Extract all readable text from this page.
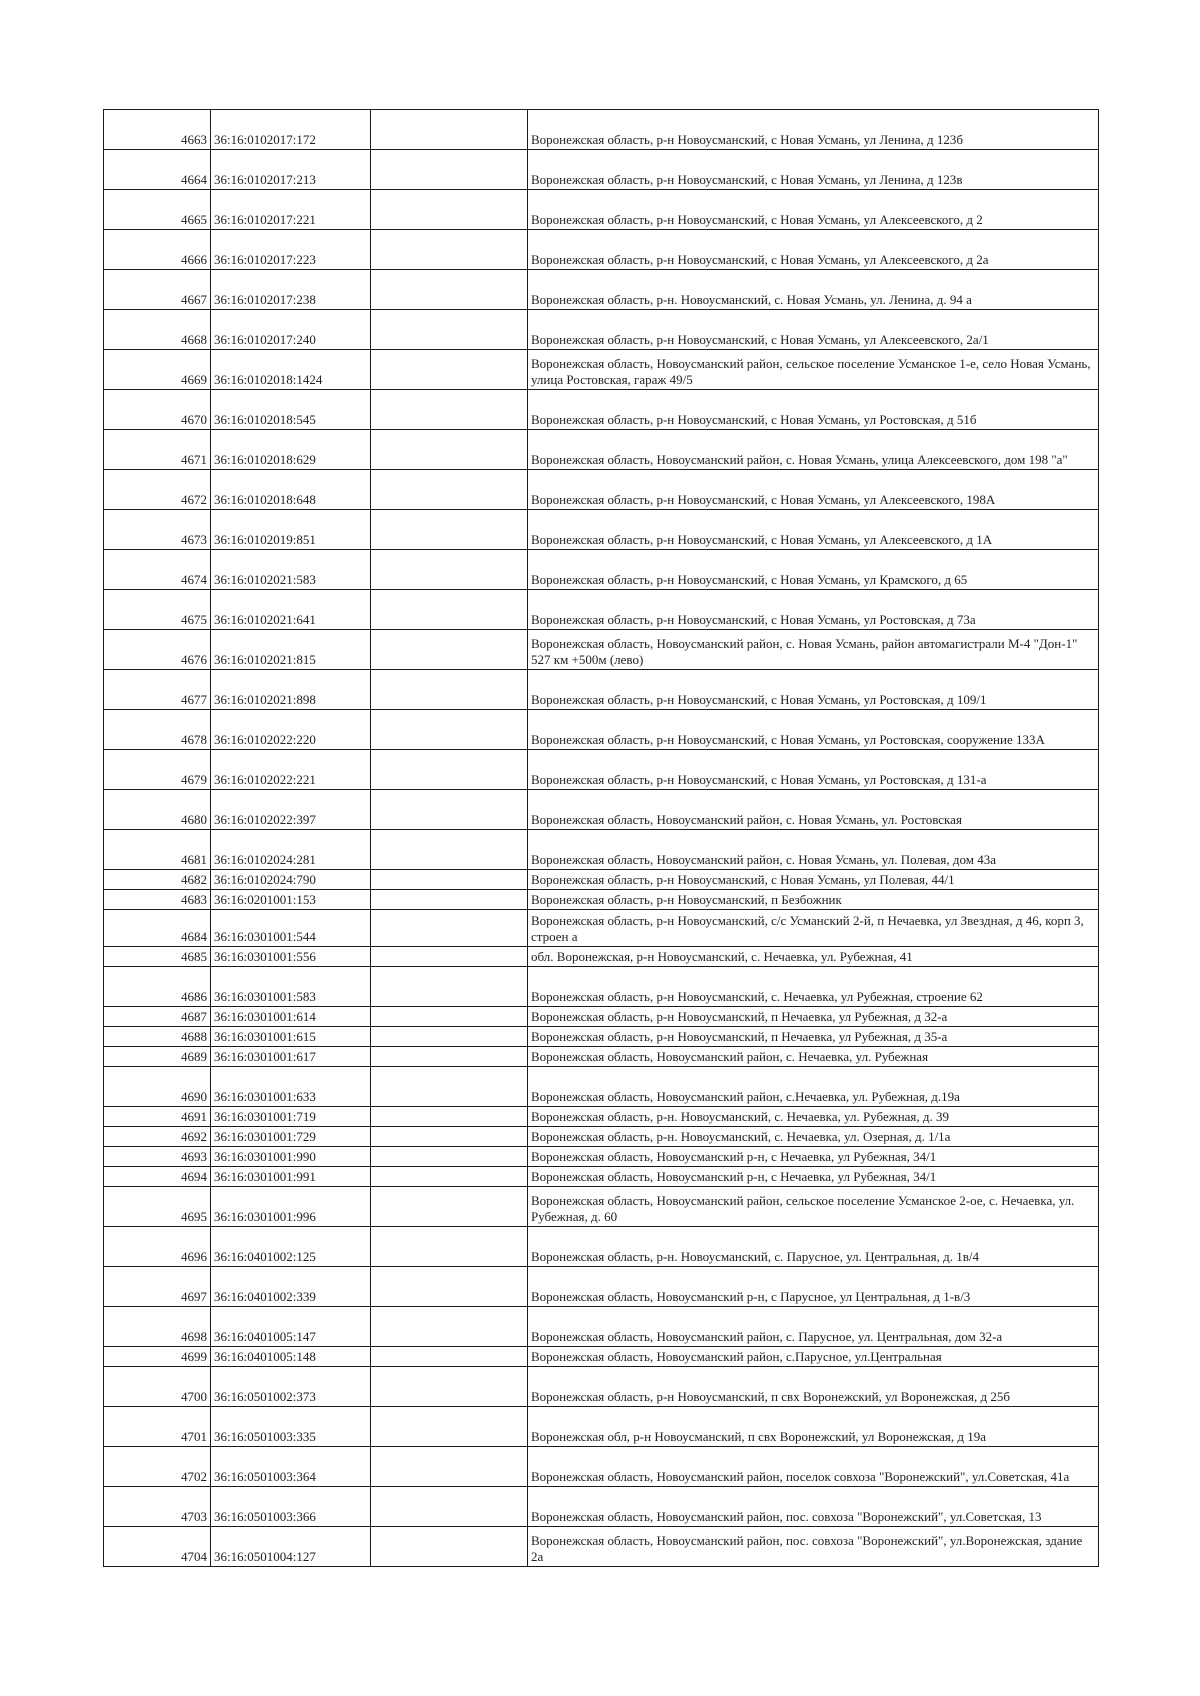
4663	36:16:0102017:172		Воронежская область, р-н Новоусманский, с Новая Усмань, ул Ленина, д 123б
4664	36:16:0102017:213		Воронежская область, р-н Новоусманский, с Новая Усмань, ул Ленина, д 123в
4665	36:16:0102017:221		Воронежская область, р-н Новоусманский, с Новая Усмань, ул Алексеевского, д 2
4666	36:16:0102017:223		Воронежская область, р-н Новоусманский, с Новая Усмань, ул Алексеевского, д 2а
4667	36:16:0102017:238		Воронежская область, р-н. Новоусманский, с. Новая Усмань, ул. Ленина, д. 94 а
4668	36:16:0102017:240		Воронежская область, р-н Новоусманский, с Новая Усмань, ул Алексеевского, 2а/1
4669	36:16:0102018:1424		Воронежская область, Новоусманский район, сельское поселение Усманское 1-е, село Новая Усмань, улица Ростовская, гараж 49/5
4670	36:16:0102018:545		Воронежская область, р-н Новоусманский, с Новая Усмань, ул Ростовская, д 51б
4671	36:16:0102018:629		Воронежская область, Новоусманский район, с. Новая Усмань, улица Алексеевского, дом 198 "а"
4672	36:16:0102018:648		Воронежская область, р-н Новоусманский, с Новая Усмань, ул Алексеевского, 198А
4673	36:16:0102019:851		Воронежская область, р-н Новоусманский, с Новая Усмань, ул Алексеевского, д 1А
4674	36:16:0102021:583		Воронежская область, р-н Новоусманский, с Новая Усмань, ул Крамского, д 65
4675	36:16:0102021:641		Воронежская область, р-н Новоусманский, с Новая Усмань, ул Ростовская, д 73а
4676	36:16:0102021:815		Воронежская область, Новоусманский район, с. Новая Усмань, район автомагистрали М-4 "Дон-1" 527 км +500м (лево)
4677	36:16:0102021:898		Воронежская область, р-н Новоусманский, с Новая Усмань, ул Ростовская, д 109/1
4678	36:16:0102022:220		Воронежская область, р-н Новоусманский, с Новая Усмань, ул Ростовская, сооружение 133А
4679	36:16:0102022:221		Воронежская область, р-н Новоусманский, с Новая Усмань, ул Ростовская, д 131-а
4680	36:16:0102022:397		Воронежская область, Новоусманский район, с. Новая Усмань, ул. Ростовская
4681	36:16:0102024:281		Воронежская область, Новоусманский район, с. Новая Усмань, ул. Полевая, дом 43а
4682	36:16:0102024:790		Воронежская область, р-н Новоусманский, с Новая Усмань, ул Полевая, 44/1
4683	36:16:0201001:153		Воронежская область, р-н Новоусманский, п Безбожник
4684	36:16:0301001:544		Воронежская область, р-н Новоусманский, с/с Усманский 2-й, п Нечаевка, ул Звездная, д 46, корп 3, строен а
4685	36:16:0301001:556		обл. Воронежская, р-н Новоусманский, с. Нечаевка, ул. Рубежная, 41
4686	36:16:0301001:583		Воронежская область, р-н Новоусманский, с. Нечаевка, ул Рубежная, строение 62
4687	36:16:0301001:614		Воронежская область, р-н Новоусманский, п Нечаевка, ул Рубежная, д 32-а
4688	36:16:0301001:615		Воронежская область, р-н Новоусманский, п Нечаевка, ул Рубежная, д 35-а
4689	36:16:0301001:617		Воронежская область, Новоусманский район, с. Нечаевка, ул. Рубежная
4690	36:16:0301001:633		Воронежская область, Новоусманский район, с.Нечаевка, ул. Рубежная, д.19а
4691	36:16:0301001:719		Воронежская область, р-н. Новоусманский, с. Нечаевка, ул. Рубежная, д. 39
4692	36:16:0301001:729		Воронежская область, р-н. Новоусманский, с. Нечаевка, ул. Озерная, д. 1/1а
4693	36:16:0301001:990		Воронежская область, Новоусманский р-н, с Нечаевка, ул Рубежная, 34/1
4694	36:16:0301001:991		Воронежская область, Новоусманский р-н, с Нечаевка, ул Рубежная, 34/1
4695	36:16:0301001:996		Воронежская область, Новоусманский район, сельское поселение Усманское 2-ое, с. Нечаевка, ул. Рубежная, д. 60
4696	36:16:0401002:125		Воронежская область, р-н. Новоусманский, с. Парусное, ул. Центральная, д. 1в/4
4697	36:16:0401002:339		Воронежская область, Новоусманский р-н, с Парусное, ул Центральная, д 1-в/3
4698	36:16:0401005:147		Воронежская область, Новоусманский район, с. Парусное, ул. Центральная, дом 32-а
4699	36:16:0401005:148		Воронежская область, Новоусманский район, с.Парусное, ул.Центральная
4700	36:16:0501002:373		Воронежская область, р-н Новоусманский, п свх Воронежский, ул Воронежская, д 25б
4701	36:16:0501003:335		Воронежская обл, р-н Новоусманский, п свх Воронежский, ул Воронежская, д 19а
4702	36:16:0501003:364		Воронежская область, Новоусманский район, поселок совхоза "Воронежский", ул.Советская, 41а
4703	36:16:0501003:366		Воронежская область, Новоусманский район, пос. совхоза "Воронежский", ул.Советская, 13
4704	36:16:0501004:127		Воронежская область, Новоусманский район, пос. совхоза "Воронежский", ул.Воронежская, здание 2а
